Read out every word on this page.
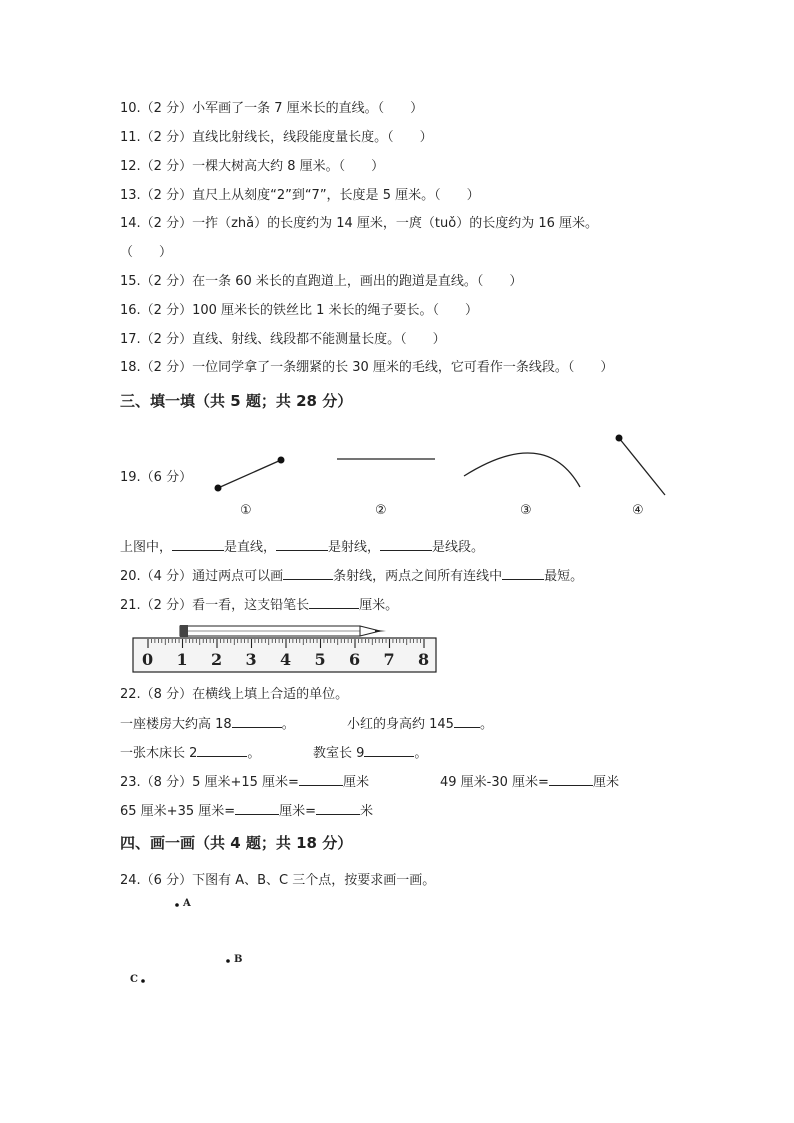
10.（2 分）小军画了一条 7 厘米长的直线。（　　）
11.（2 分）直线比射线长，线段能度量长度。（　　）
12.（2 分）一棵大树高大约 8 厘米。（　　）
13.（2 分）直尺上从刻度“2”到“7”，长度是 5 厘米。（　　）
14.（2 分）一拃（zhǎ）的长度约为 14 厘米，一庹（tuǒ）的长度约为 16 厘米。
（　　）
15.（2 分）在一条 60 米长的直跑道上，画出的跑道是直线。（　　）
16.（2 分）100 厘米长的铁丝比 1 米长的绳子要长。（　　）
17.（2 分）直线、射线、线段都不能测量长度。（　　）
18.（2 分）一位同学拿了一条绷紧的长 30 厘米的毛线，它可看作一条线段。（　　）
三、填一填（共 5 题；共 28 分）
19.（6 分）
①	②	③	④
上图中，	是直线，	是射线，	是线段。
20.（4 分）通过两点可以画	条射线，两点之间所有连线中	最短。
21.（2 分）看一看，这支铅笔长	厘米。
0 1 2 3 4 5 6 7 8
22.（8 分）在横线上填上合适的单位。
一座楼房大约高 18	。	小红的身高约 145 。
一张木床长 2	。	教室长 9	。
23.（8 分）5 厘米+15 厘米=	厘米	49 厘米-30 厘米=	厘米
65 厘米+35 厘米=	厘米=	米
四、画一画（共 4 题；共 18 分）
24.（6 分）下图有 A、B、C 三个点，按要求画一画。
A
B
C
